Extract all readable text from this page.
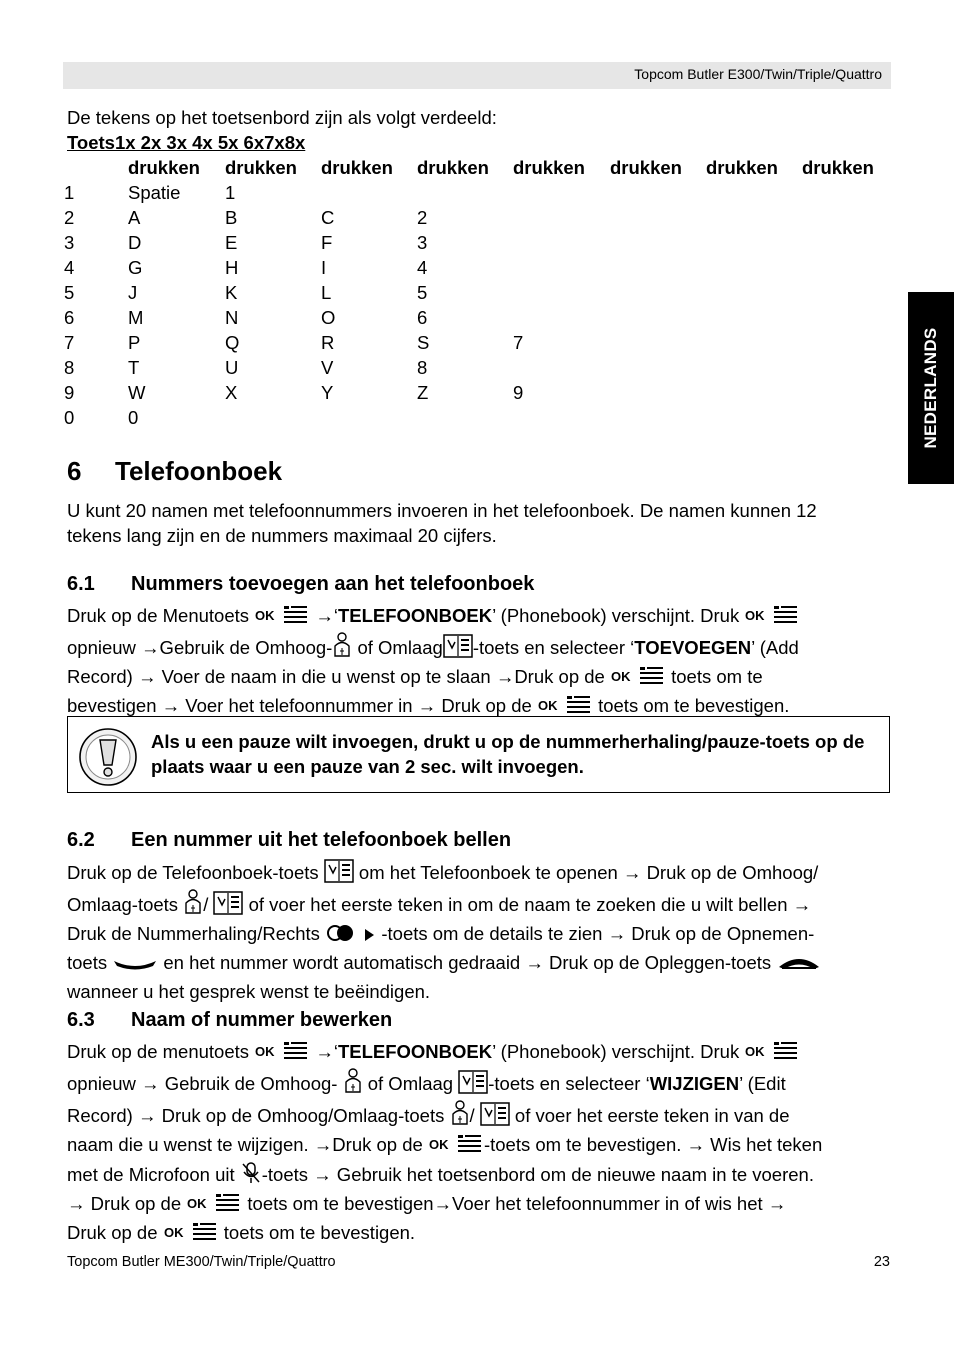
Topcom Butler E300/Twin/Triple/Quattro
NEDERLANDS
De tekens op het toetsenbord zijn als volgt verdeeld:
Toets1x 2x 3x 4x 5x 6x7x8x
	drukken	drukken	drukken	drukken	drukken	drukken	drukken	drukken
1	Spatie	1						
2	A	B	C	2				
3	D	E	F	3				
4	G	H	I	4				
5	J	K	L	5				
6	M	N	O	6				
7	P	Q	R	S	7			
8	T	U	V	8				
9	W	X	Y	Z	9			
0	0							
6 Telefoonboek
U kunt 20 namen met telefoonnummers invoeren in het telefoonboek. De namen kunnen 12
tekens lang zijn en de nummers maximaal 20 cijfers.
6.1 Nummers toevoegen aan het telefoonboek
Druk op de Menutoets OK →‘TELEFOONBOEK’ (Phonebook) verschijnt. Druk OK
opnieuw →Gebruik de Omhoog- of Omlaag -toets en selecteer ‘TOEVOEGEN’ (Add
Record) → Voer de naam in die u wenst op te slaan →Druk op de OK toets om te
bevestigen → Voer het telefoonnummer in → Druk op de OK toets om te bevestigen.
Als u een pauze wilt invoegen, drukt u op de nummerherhaling/pauze-toets op de plaats waar u een pauze van 2 sec. wilt invoegen.
6.2 Een nummer uit het telefoonboek bellen
Druk op de Telefoonboek-toets om het Telefoonboek te openen → Druk op de Omhoog/
Omlaag-toets / of voer het eerste teken in om de naam te zoeken die u wilt bellen →
Druk de Nummerhaling/Rechts	-toets om de details te zien → Druk op de Opnemen-
toets	en het nummer wordt automatisch gedraaid → Druk op de Opleggen-toets
wanneer u het gesprek wenst te beëindigen.
6.3 Naam of nummer bewerken
Druk op de menutoets OK →‘TELEFOONBOEK’ (Phonebook) verschijnt. Druk OK
opnieuw → Gebruik de Omhoog- of Omlaag -toets en selecteer ‘WIJZIGEN’ (Edit
Record) → Druk op de Omhoog/Omlaag-toets / of voer het eerste teken in van de
naam die u wenst te wijzigen. →Druk op de OK -toets om te bevestigen. → Wis het teken
met de Microfoon uit -toets → Gebruik het toetsenbord om de nieuwe naam in te voeren.
→ Druk op de OK toets om te bevestigen→Voer het telefoonnummer in of wis het →
Druk op de OK toets om te bevestigen.
Topcom Butler ME300/Twin/Triple/Quattro	23
